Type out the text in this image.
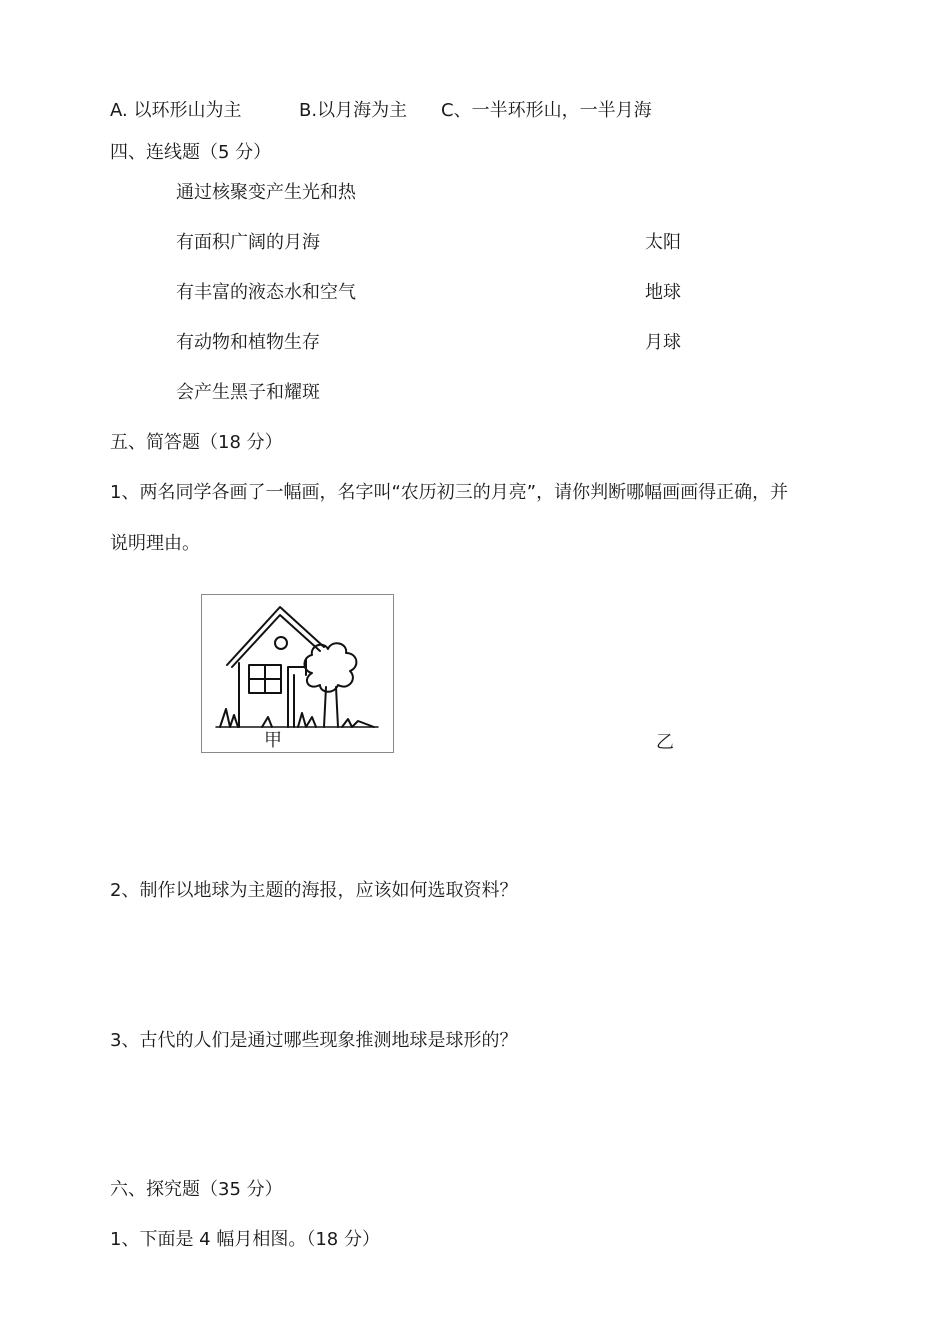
A. 以环形山为主	B.以月海为主 C、一半环形山，一半月海
四、连线题（5 分）
通过核聚变产生光和热
有面积广阔的月海
有丰富的液态水和空气
有动物和植物生存
会产生黑子和耀斑
太阳
地球
月球
五、简答题（18 分）
1、两名同学各画了一幅画，名字叫“农历初三的月亮”，请你判断哪幅画画得正确，并
说明理由。
甲	乙
2、制作以地球为主题的海报，应该如何选取资料？
3、古代的人们是通过哪些现象推测地球是球形的？
六、探究题（35 分）
1、下面是 4 幅月相图。（18 分）
